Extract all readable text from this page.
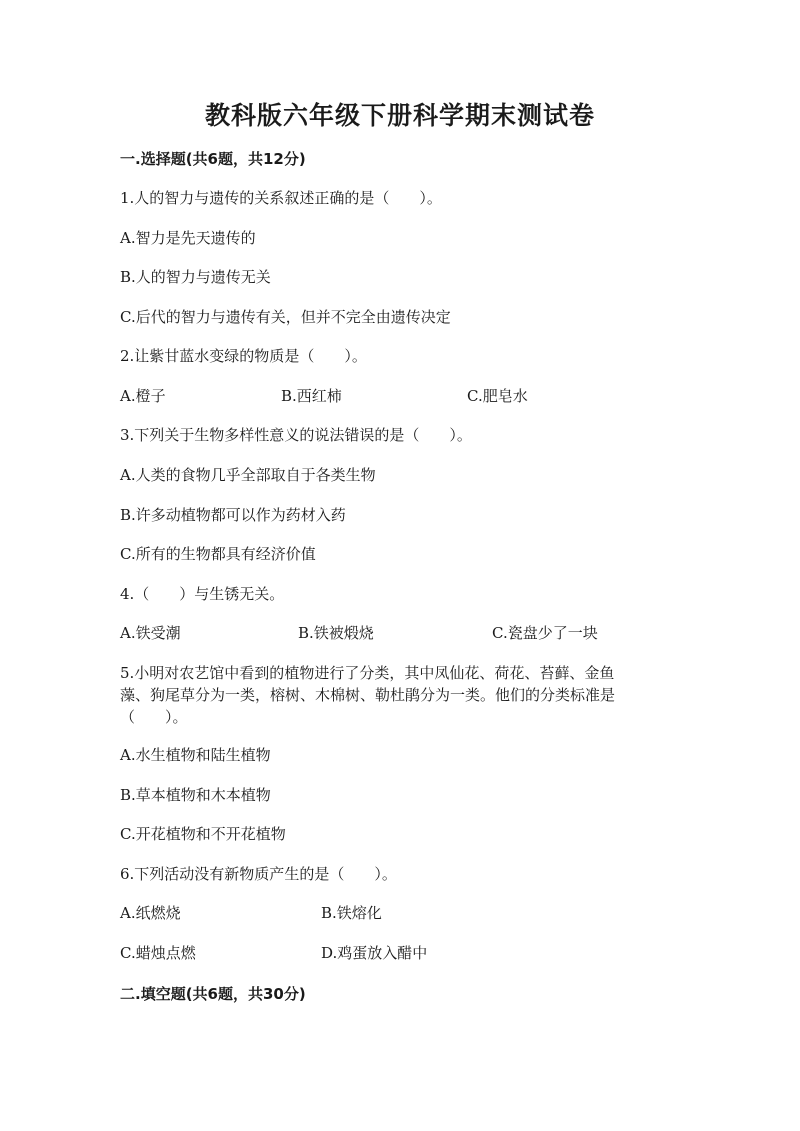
教科版六年级下册科学期末测试卷
一.选择题(共6题，共12分)
1.人的智力与遗传的关系叙述正确的是（　　）。
A.智力是先天遗传的
B.人的智力与遗传无关
C.后代的智力与遗传有关，但并不完全由遗传决定
2.让紫甘蓝水变绿的物质是（　　）。
A.橙子	B.西红柿	C.肥皂水
3.下列关于生物多样性意义的说法错误的是（　　）。
A.人类的食物几乎全部取自于各类生物
B.许多动植物都可以作为药材入药
C.所有的生物都具有经济价值
4.（　　）与生锈无关。
A.铁受潮	B.铁被煅烧	C.瓷盘少了一块
5.小明对农艺馆中看到的植物进行了分类，其中凤仙花、荷花、苔藓、金鱼
藻、狗尾草分为一类，榕树、木棉树、勒杜鹃分为一类。他们的分类标准是
（　　）。
A.水生植物和陆生植物
B.草本植物和木本植物
C.开花植物和不开花植物
6.下列活动没有新物质产生的是（　　）。
A.纸燃烧	B.铁熔化
C.蜡烛点燃	D.鸡蛋放入醋中
二.填空题(共6题，共30分)
